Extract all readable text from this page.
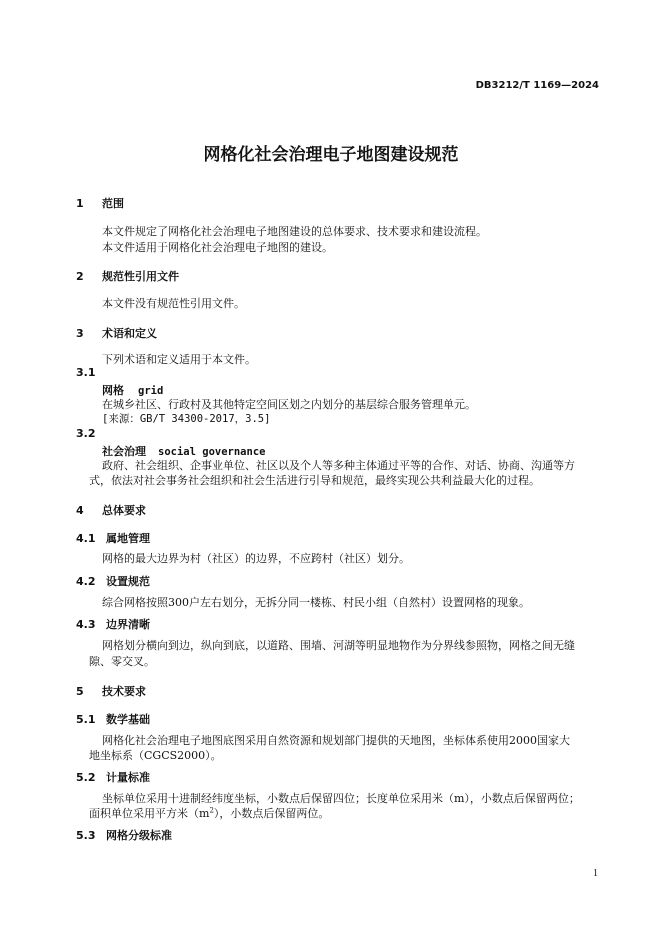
DB3212/T 1169—2024
网格化社会治理电子地图建设规范
1 范围
本文件规定了网格化社会治理电子地图建设的总体要求、技术要求和建设流程。
本文件适用于网格化社会治理电子地图的建设。
2 规范性引用文件
本文件没有规范性引用文件。
3 术语和定义
下列术语和定义适用于本文件。
3.1
网格 grid
在城乡社区、行政村及其他特定空间区划之内划分的基层综合服务管理单元。
[来源：GB/T 34300-2017，3.5]
3.2
社会治理 social governance
政府、社会组织、企事业单位、社区以及个人等多种主体通过平等的合作、对话、协商、沟通等方
式，依法对社会事务社会组织和社会生活进行引导和规范，最终实现公共利益最大化的过程。
4 总体要求
4.1 属地管理
网格的最大边界为村（社区）的边界，不应跨村（社区）划分。
4.2 设置规范
综合网格按照300户左右划分，无拆分同一楼栋、村民小组（自然村）设置网格的现象。
4.3 边界清晰
网格划分横向到边，纵向到底，以道路、围墙、河湖等明显地物作为分界线参照物，网格之间无缝
隙、零交叉。
5 技术要求
5.1 数学基础
网格化社会治理电子地图底图采用自然资源和规划部门提供的天地图，坐标体系使用2000国家大
地坐标系（CGCS2000）。
5.2 计量标准
坐标单位采用十进制经纬度坐标，小数点后保留四位；长度单位采用米（m），小数点后保留两位；
面积单位采用平方米$(m^2)$，小数点后保留两位。
5.3 网格分级标准
1
